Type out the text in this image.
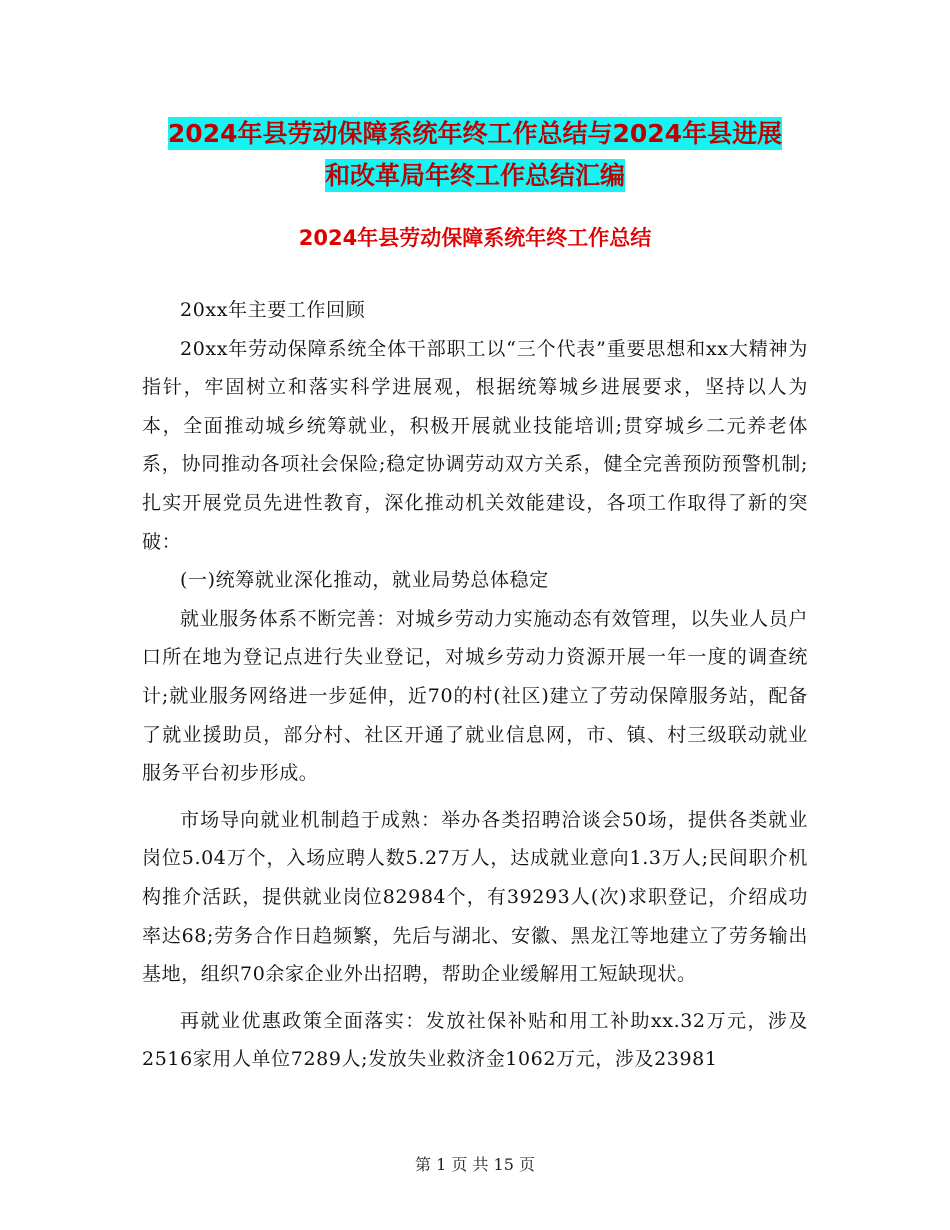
2024年县劳动保障系统年终工作总结与2024年县进展
和改革局年终工作总结汇编
2024年县劳动保障系统年终工作总结

20xx年主要工作回顾

20xx年劳动保障系统全体干部职工以“三个代表”重要思想和xx大精神为指针，牢固树立和落实科学进展观，根据统筹城乡进展要求，坚持以人为本，全面推动城乡统筹就业，积极开展就业技能培训;贯穿城乡二元养老体系，协同推动各项社会保险;稳定协调劳动双方关系，健全完善预防预警机制;扎实开展党员先进性教育，深化推动机关效能建设，各项工作取得了新的突破：

(一)统筹就业深化推动，就业局势总体稳定

就业服务体系不断完善：对城乡劳动力实施动态有效管理，以失业人员户口所在地为登记点进行失业登记，对城乡劳动力资源开展一年一度的调查统计;就业服务网络进一步延伸，近70的村(社区)建立了劳动保障服务站，配备了就业援助员，部分村、社区开通了就业信息网，市、镇、村三级联动就业服务平台初步形成。

市场导向就业机制趋于成熟：举办各类招聘洽谈会50场，提供各类就业岗位5.04万个，入场应聘人数5.27万人，达成就业意向1.3万人;民间职介机构推介活跃，提供就业岗位82984个，有39293人(次)求职登记，介绍成功率达68;劳务合作日趋频繁，先后与湖北、安徽、黑龙江等地建立了劳务输出基地，组织70余家企业外出招聘，帮助企业缓解用工短缺现状。

再就业优惠政策全面落实：发放社保补贴和用工补助xx.32万元，涉及2516家用人单位7289人;发放失业救济金1062万元，涉及23981

第 1 页 共 15 页
